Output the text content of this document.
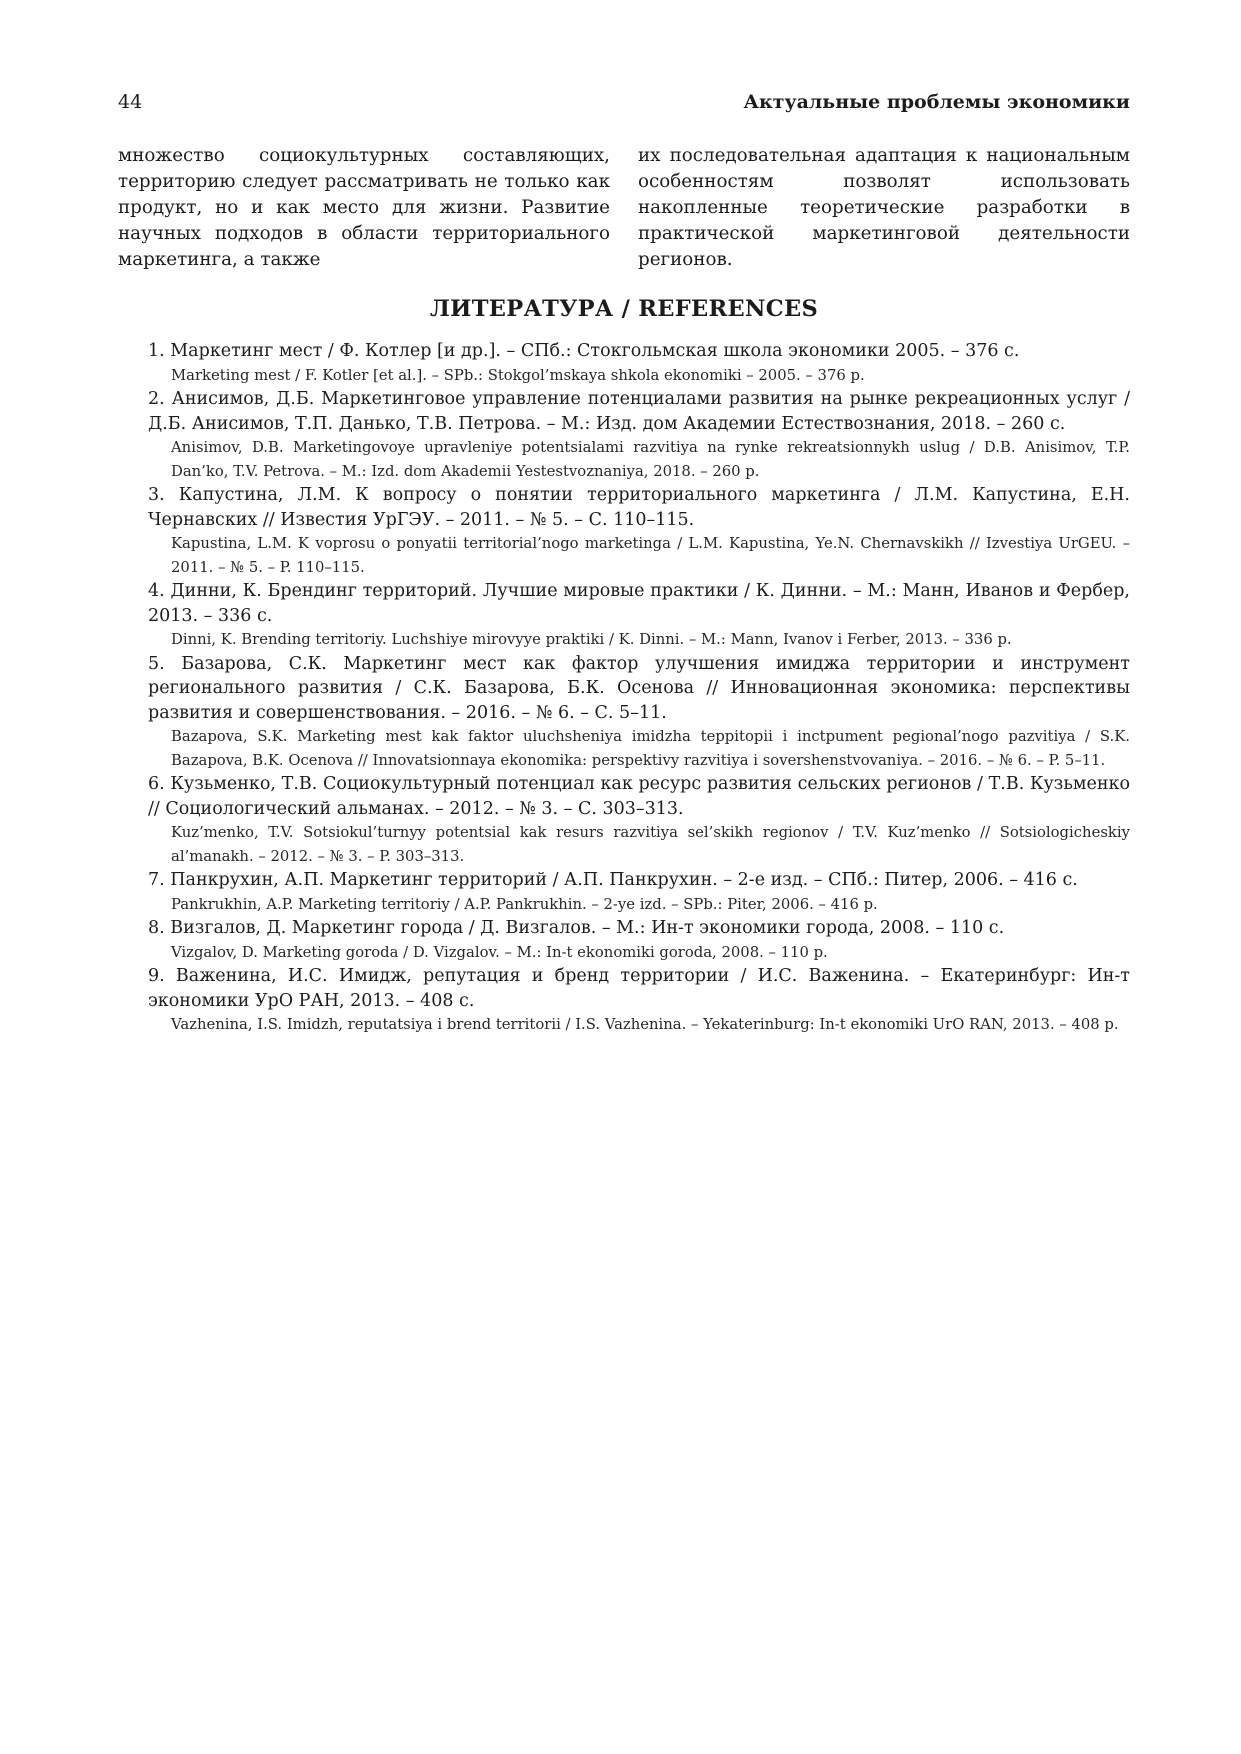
44	Актуальные проблемы экономики

множество социокультурных составляющих, территорию следует рассматривать не только как продукт, но и как место для жизни. Развитие научных подходов в области территориального маркетинга, а также

их последовательная адаптация к национальным особенностям позволят использовать накопленные теоретические разработки в практической маркетинговой деятельности регионов.

ЛИТЕРАТУРА / REFERENCES

1. Маркетинг мест / Ф. Котлер [и др.]. – СПб.: Стокгольмская школа экономики 2005. – 376 с.

Marketing mest / F. Kotler [et al.]. – SPb.: Stokgol’mskaya shkola ekonomiki – 2005. – 376 p.

2. Анисимов, Д.Б. Маркетинговое управление потенциалами развития на рынке рекреационных услуг / Д.Б. Анисимов, Т.П. Данько, Т.В. Петрова. – М.: Изд. дом Академии Естествознания, 2018. – 260 с.

Anisimov, D.B. Marketingovoye upravleniye potentsialami razvitiya na rynke rekreatsionnykh uslug / D.B. Anisimov, T.P. Dan’ko, T.V. Petrova. – M.: Izd. dom Akademii Yestestvoznaniya, 2018. – 260 p.

3. Капустина, Л.М. К вопросу о понятии территориального маркетинга / Л.М. Капустина, Е.Н. Чернавских // Известия УрГЭУ. – 2011. – № 5. – С. 110–115.

Kapustina, L.M. K voprosu o ponyatii territorial’nogo marketinga / L.M. Kapustina, Ye.N. Chernavskikh // Izvestiya UrGEU. – 2011. – № 5. – P. 110–115.

4. Динни, К. Брендинг территорий. Лучшие мировые практики / К. Динни. – М.: Манн, Иванов и Фербер, 2013. – 336 с.

Dinni, K. Brending territoriy. Luchshiye mirovyye praktiki / K. Dinni. – M.: Mann, Ivanov i Ferber, 2013. – 336 p.

5. Базарова, С.К. Маркетинг мест как фактор улучшения имиджа территории и инструмент регионального развития / С.К. Базарова, Б.К. Осенова // Инновационная экономика: перспективы развития и совершенствования. – 2016. – № 6. – С. 5–11.

Bazapova, S.K. Marketing mest kak faktor uluchsheniya imidzha teppitopii i inctpument pegional’nogo pazvitiya / S.K. Bazapova, B.K. Ocenova // Innovatsionnaya ekonomika: perspektivy razvitiya i sovershenstvovaniya. – 2016. – № 6. – P. 5–11.

6. Кузьменко, Т.В. Социокультурный потенциал как ресурс развития сельских регионов / Т.В. Кузьменко // Социологический альманах. – 2012. – № 3. – С. 303–313.

Kuz’menko, T.V. Sotsiokul’turnyy potentsial kak resurs razvitiya sel’skikh regionov / T.V. Kuz’menko // Sotsiologicheskiy al’manakh. – 2012. – № 3. – P. 303–313.

7. Панкрухин, А.П. Маркетинг территорий / А.П. Панкрухин. – 2-е изд. – СПб.: Питер, 2006. – 416 с.

Pankrukhin, A.P. Marketing territoriy / A.P. Pankrukhin. – 2-ye izd. – SPb.: Piter, 2006. – 416 p.

8. Визгалов, Д. Маркетинг города / Д. Визгалов. – М.: Ин-т экономики города, 2008. – 110 с.

Vizgalov, D. Marketing goroda / D. Vizgalov. – M.: In-t ekonomiki goroda, 2008. – 110 p.

9. Важенина, И.С. Имидж, репутация и бренд территории / И.С. Важенина. – Екатеринбург: Ин-т экономики УрО РАН, 2013. – 408 с.

Vazhenina, I.S. Imidzh, reputatsiya i brend territorii / I.S. Vazhenina. – Yekaterinburg: In-t ekonomiki UrO RAN, 2013. – 408 p.
